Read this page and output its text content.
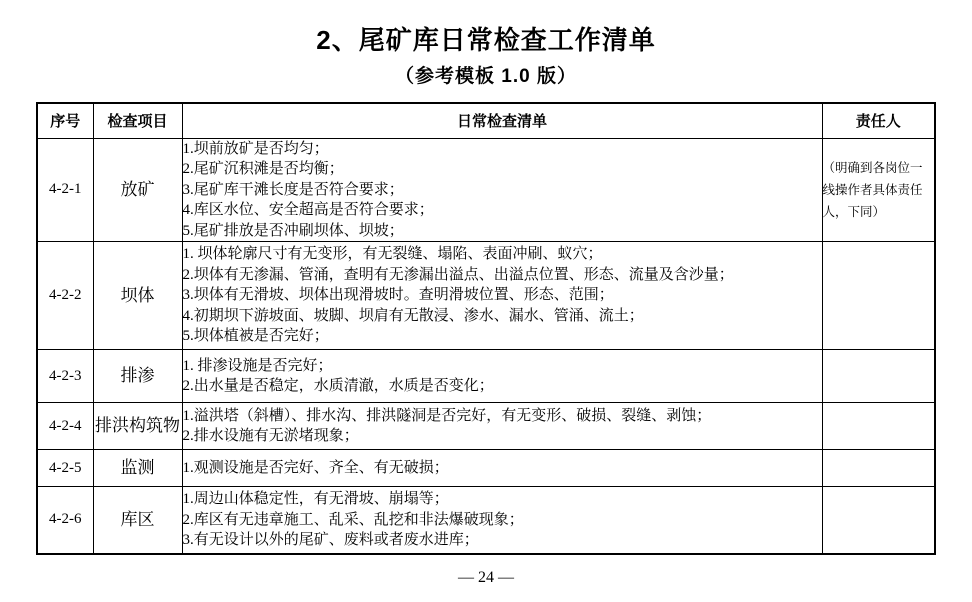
2、尾矿库日常检查工作清单
（参考模板 1.0 版）
序号	检查项目	日常检查清单	责任人
4-2-1	放矿	1.坝前放矿是否均匀；
2.尾矿沉积滩是否均衡；
3.尾矿库干滩长度是否符合要求；
4.库区水位、安全超高是否符合要求；
5.尾矿排放是否冲刷坝体、坝坡；	（明确到各岗位一线操作者具体责任人，下同）
4-2-2	坝体	1. 坝体轮廓尺寸有无变形，有无裂缝、塌陷、表面冲刷、蚁穴；
2.坝体有无渗漏、管涌，查明有无渗漏出溢点、出溢点位置、形态、流量及含沙量；
3.坝体有无滑坡、坝体出现滑坡时。查明滑坡位置、形态、范围；
4.初期坝下游坡面、坡脚、坝肩有无散浸、渗水、漏水、管涌、流土；
5.坝体植被是否完好；	

4-2-3	排渗	1. 排渗设施是否完好；
2.出水量是否稳定，水质清澈，水质是否变化；	

4-2-4	排洪构筑物	1.溢洪塔（斜槽）、排水沟、排洪隧洞是否完好，有无变形、破损、裂缝、剥蚀；
2.排水设施有无淤堵现象；	

4-2-5	监测	1.观测设施是否完好、齐全、有无破损；	

4-2-6	库区	1.周边山体稳定性，有无滑坡、崩塌等；
2.库区有无违章施工、乱采、乱挖和非法爆破现象；
3.有无设计以外的尾矿、废料或者废水进库；	

— 24 —
